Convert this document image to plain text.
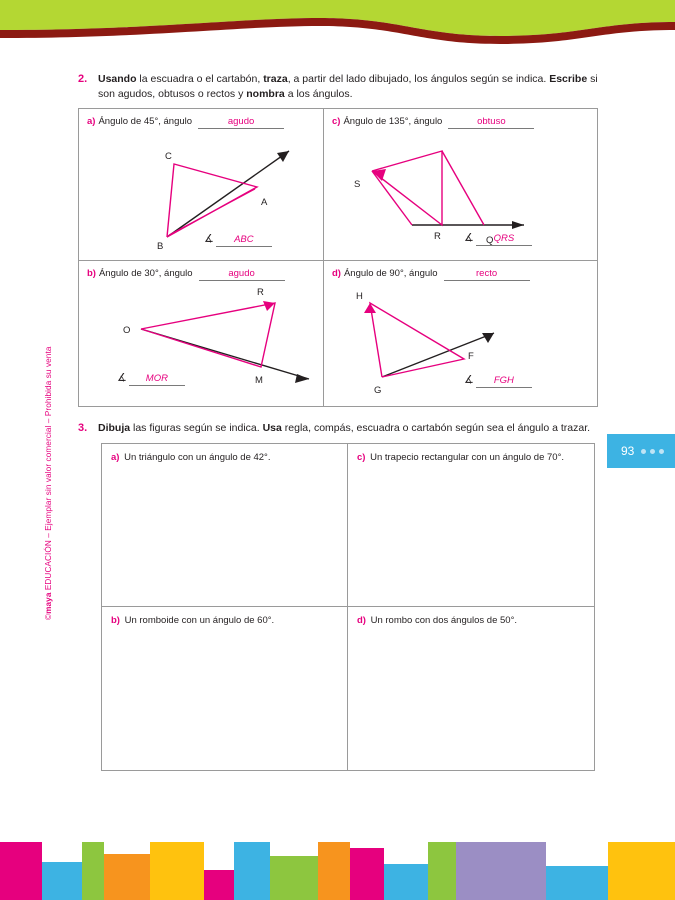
©maya EDUCACIÓN – Ejemplar sin valor comercial – Prohibida su venta	93
2.	Usando la escuadra o el cartabón, traza, a partir del lado dibujado, los ángulos según se indica. Escribe si son agudos, obtusos o rectos y nombra a los ángulos.
a) Ángulo de 45°, ángulo	agudo
C
A
B
∡	ABC
c) Ángulo de 135°, ángulo	obtuso
S
Q
R ∡	QRS
b) Ángulo de 30°, ángulo	agudo
R
O
M
∡	MOR
d) Ángulo de 90°, ángulo	recto
H
F
G
∡	FGH
3.	Dibuja las figuras según se indica. Usa regla, compás, escuadra o cartabón según sea el ángulo a trazar.
a) Un triángulo con un ángulo de 42°.	c) Un trapecio rectangular con un ángulo de 70°.
b) Un romboide con un ángulo de 60°.	d) Un rombo con dos ángulos de 50°.
